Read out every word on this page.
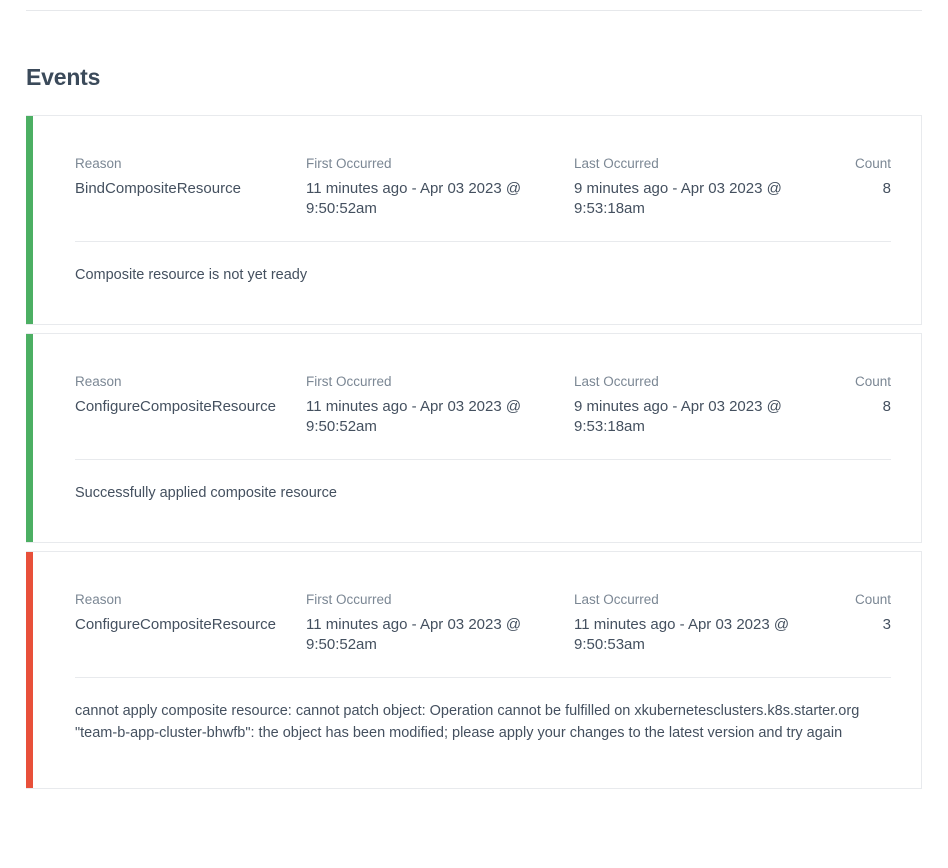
Events
Reason
BindCompositeResource
First Occurred
11 minutes ago - Apr 03 2023 @ 9:50:52am
Last Occurred
9 minutes ago - Apr 03 2023 @ 9:53:18am
Count
8
Composite resource is not yet ready
Reason
ConfigureCompositeResource
First Occurred
11 minutes ago - Apr 03 2023 @ 9:50:52am
Last Occurred
9 minutes ago - Apr 03 2023 @ 9:53:18am
Count
8
Successfully applied composite resource
Reason
ConfigureCompositeResource
First Occurred
11 minutes ago - Apr 03 2023 @ 9:50:52am
Last Occurred
11 minutes ago - Apr 03 2023 @ 9:50:53am
Count
3
cannot apply composite resource: cannot patch object: Operation cannot be fulfilled on xkubernetesclusters.k8s.starter.org "team-b-app-cluster-bhwfb": the object has been modified; please apply your changes to the latest version and try again
